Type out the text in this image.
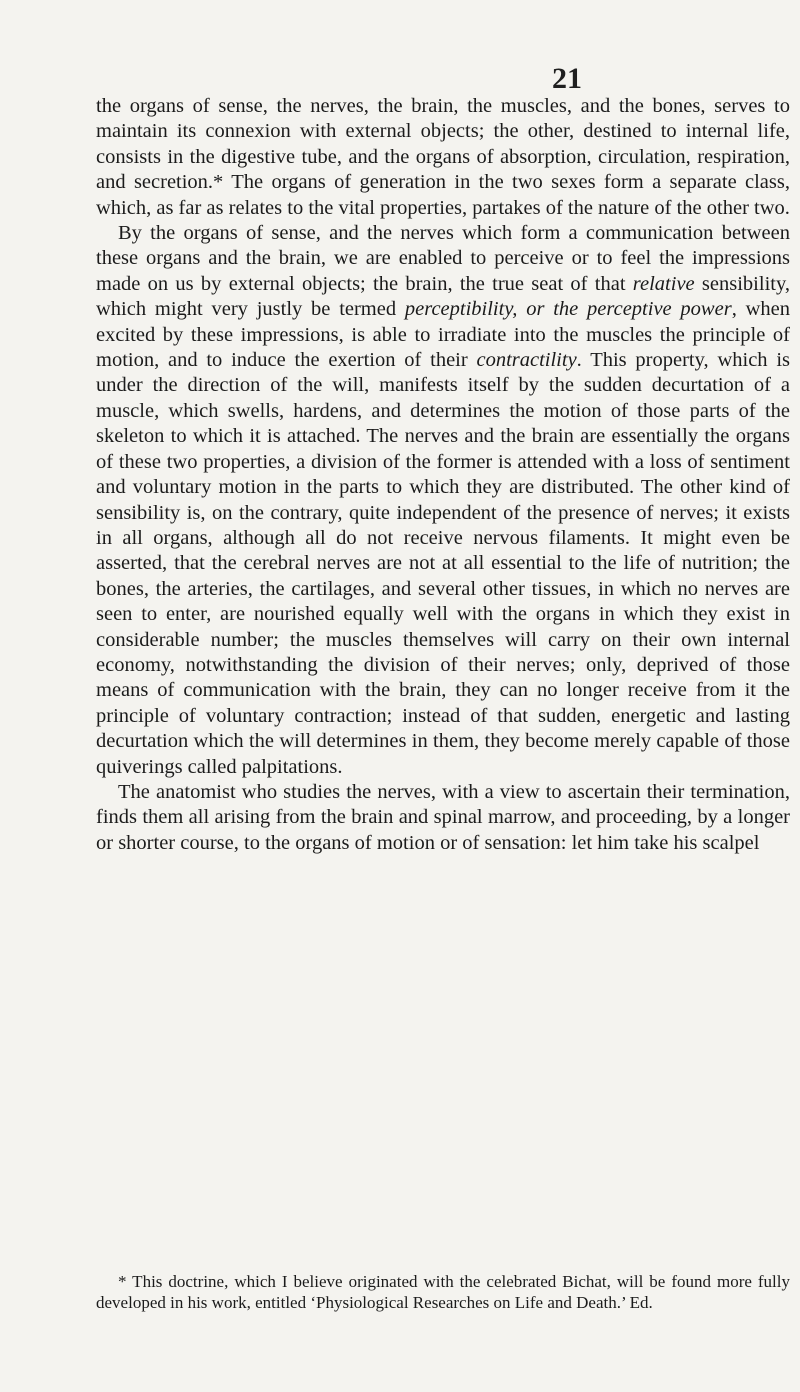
21

the organs of sense, the nerves, the brain, the muscles, and the bones, serves to maintain its connexion with external objects; the other, destined to internal life, consists in the digestive tube, and the organs of absorption, circulation, respiration, and secretion.* The organs of generation in the two sexes form a separate class, which, as far as relates to the vital properties, partakes of the nature of the other two.

By the organs of sense, and the nerves which form a communication between these organs and the brain, we are enabled to perceive or to feel the impressions made on us by external objects; the brain, the true seat of that relative sensibility, which might very justly be termed perceptibility, or the perceptive power, when excited by these impressions, is able to irradiate into the muscles the principle of motion, and to induce the exertion of their contractility. This property, which is under the direction of the will, manifests itself by the sudden decurtation of a muscle, which swells, hardens, and determines the motion of those parts of the skeleton to which it is attached. The nerves and the brain are essentially the organs of these two properties, a division of the former is attended with a loss of sentiment and voluntary motion in the parts to which they are distributed. The other kind of sensibility is, on the contrary, quite independent of the presence of nerves; it exists in all organs, although all do not receive nervous filaments. It might even be asserted, that the cerebral nerves are not at all essential to the life of nutrition; the bones, the arteries, the cartilages, and several other tissues, in which no nerves are seen to enter, are nourished equally well with the organs in which they exist in considerable number; the muscles themselves will carry on their own internal economy, notwithstanding the division of their nerves; only, deprived of those means of communication with the brain, they can no longer receive from it the principle of voluntary contraction; instead of that sudden, energetic and lasting decurtation which the will determines in them, they become merely capable of those quiverings called palpitations.

The anatomist who studies the nerves, with a view to ascertain their termination, finds them all arising from the brain and spinal marrow, and proceeding, by a longer or shorter course, to the organs of motion or of sensation: let him take his scalpel

* This doctrine, which I believe originated with the celebrated Bichat, will be found more fully developed in his work, entitled ‘Physiological Researches on Life and Death.’ Ed.
